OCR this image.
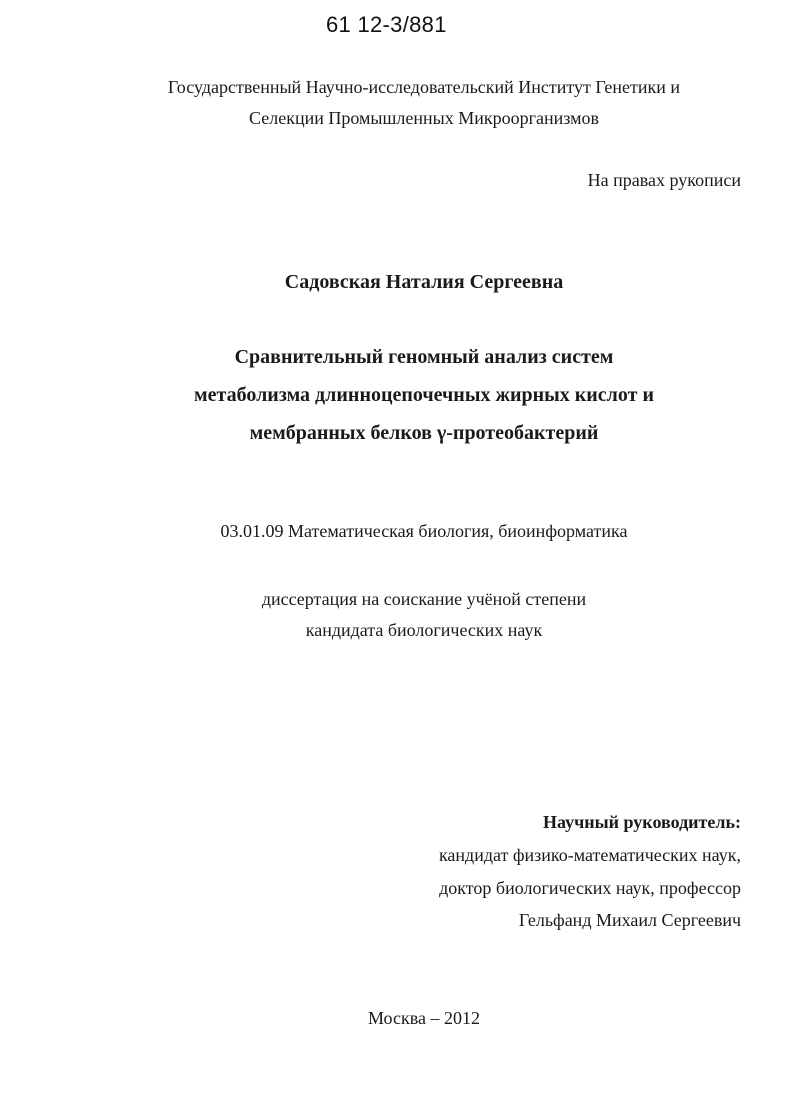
61 12-3/881
Государственный Научно-исследовательский Институт Генетики и
Селекции Промышленных Микроорганизмов
На правах рукописи
Садовская Наталия Сергеевна
Сравнительный геномный анализ систем
метаболизма длинноцепочечных жирных кислот и
мембранных белков γ-протеобактерий
03.01.09 Математическая биология, биоинформатика
диссертация на соискание учёной степени
кандидата биологических наук
Научный руководитель:
кандидат физико-математических наук,
доктор биологических наук, профессор
Гельфанд Михаил Сергеевич
Москва – 2012
